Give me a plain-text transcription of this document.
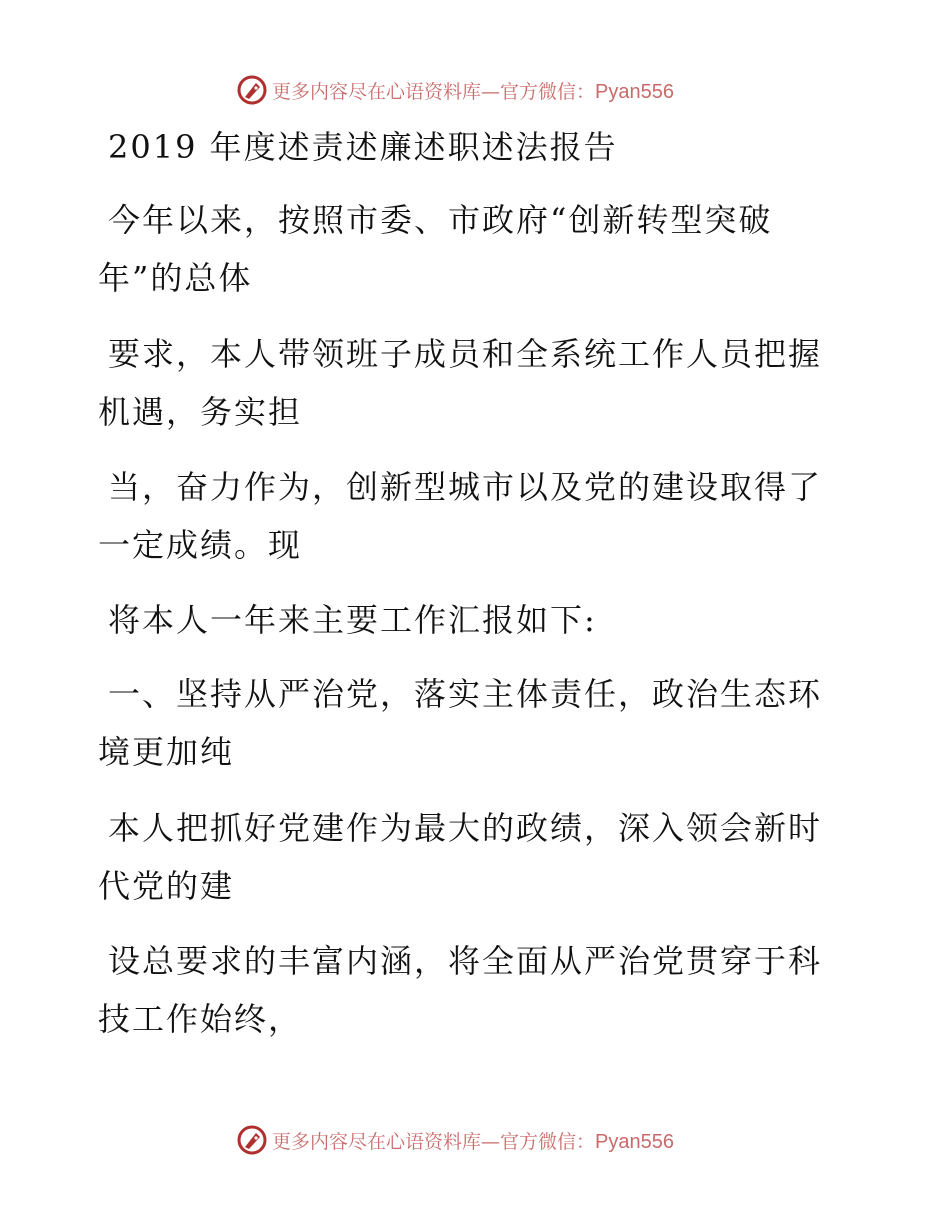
更多内容尽在心语资料库—官方微信：Pyan556
2019 年度述责述廉述职述法报告
今年以来，按照市委、市政府“创新转型突破
年”的总体
要求，本人带领班子成员和全系统工作人员把握
机遇，务实担
当，奋力作为，创新型城市以及党的建设取得了
一定成绩。现
将本人一年来主要工作汇报如下:
一、坚持从严治党，落实主体责任，政治生态环
境更加纯
本人把抓好党建作为最大的政绩，深入领会新时
代党的建
设总要求的丰富内涵，将全面从严治党贯穿于科
技工作始终，
更多内容尽在心语资料库—官方微信：Pyan556
